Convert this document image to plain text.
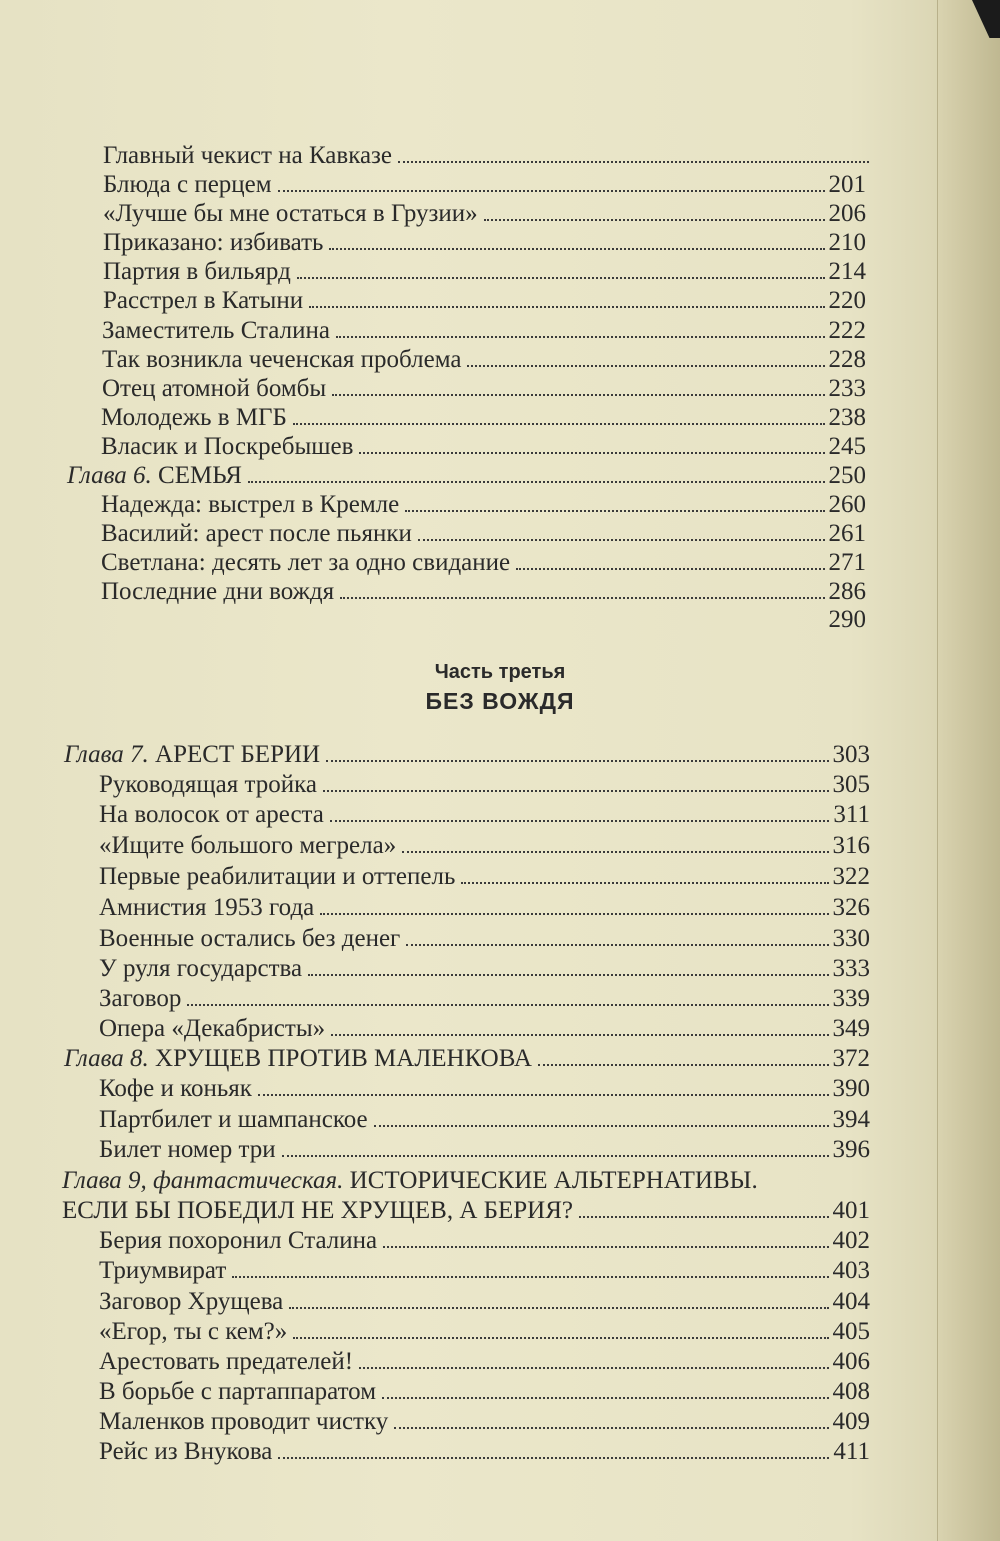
Главный чекист на Кавказе
Блюда с перцем	201
«Лучше бы мне остаться в Грузии»	206
Приказано: избивать	210
Партия в бильярд	214
Расстрел в Катыни	220
Заместитель Сталина	222
Так возникла чеченская проблема	228
Отец атомной бомбы	233
Молодежь в МГБ	238
Власик и Поскребышев	245
Глава 6. СЕМЬЯ	250
Надежда: выстрел в Кремле	260
Василий: арест после пьянки	261
Светлана: десять лет за одно свидание	271
Последние дни вождя	286
290
Часть третья
БЕЗ ВОЖДЯ
Глава 7. АРЕСТ БЕРИИ	303
Руководящая тройка	305
На волосок от ареста	311
«Ищите большого мегрела»	316
Первые реабилитации и оттепель	322
Амнистия 1953 года	326
Военные остались без денег	330
У руля государства	333
Заговор	339
Опера «Декабристы»	349
Глава 8. ХРУЩЕВ ПРОТИВ МАЛЕНКОВА	372
Кофе и коньяк	390
Партбилет и шампанское	394
Билет номер три	396
Глава 9, фантастическая. ИСТОРИЧЕСКИЕ АЛЬТЕРНАТИВЫ.
ЕСЛИ БЫ ПОБЕДИЛ НЕ ХРУЩЕВ, А БЕРИЯ?	401
Берия похоронил Сталина	402
Триумвират	403
Заговор Хрущева	404
«Егор, ты с кем?»	405
Арестовать предателей!	406
В борьбе с партаппаратом	408
Маленков проводит чистку	409
Рейс из Внукова	411
